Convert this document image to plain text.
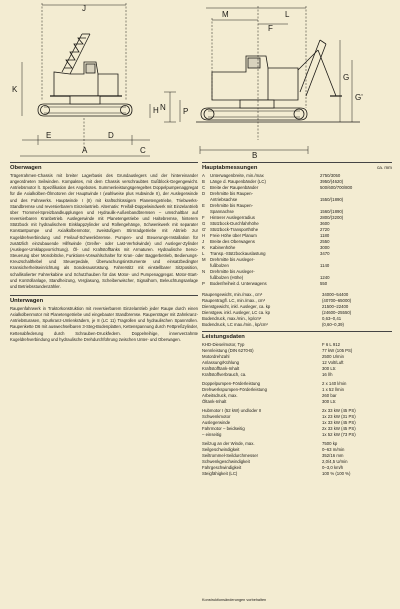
J
K
E	D
H
A	C
M	L
F
N P
G
G'
B
Oberwagen

Trägerrahmen-Chassis mit breiter Lagerbasis des Grundauslegers und der hintereinander angeordneten Seilwinden. Kompaktes, mit dem Chassis verschraubtes Gußblock-Gegengewicht. Antriebsmotor lt. Spezifikation des Angebotes. Summenleistungsgeregeltes Doppelpumpenaggregat für die Axialkolben-Ölmotoren der Hauptwinde I (wahlweise plus Hubwinde II), der Auslegerwinde und des Fahrwerks. Hauptwinde I (II) mit kraftschlüssigem Planetengetriebe, Triebwerks-Standbremse und reversierbarem Einzelantrieb. Alternativ: Freifall-Doppelwindwerk mit Einzelantrieb über Trommel-Spreizbandkupplungen und Hydraulik-Außenbandbremsen – umschaltbar auf reversierbaren Kranbetrieb. Auslegerwinde mit Planetengetriebe und Haltebremse, hinterem Stützbock mit hydraulischem Einklappzylinder und Rollengehänge, Schwenkwerk mit separater Konstantpumpe und Axialkolbenmotor, zweistufigem Stirnradgetriebe mit Abtrieb zur Kugeldrehverbindung und Freilauf-Schwenkbremse. Pumpen- und Steuerungs-Installation für zusätzlich einzubauende Hilfswinde (Greifer- oder Last-Verholwinde) und Ausleger-Zylinder (Ausleger-Umklappvorrichtung). Öl- und Kraftstofftanks mit Armaturen. Hydraulische Servo-Steuerung über Monoblöcke, Funktions-Vorwahlschalter für Kran- oder Baggerbetrieb, Bedienungs-Kreuzschalthebel und Steuerpedale, Überwachungsinstrumente und einsatzbedingter Kransicherheitseinrichtung als Sonderausrüstung. Fahrerstitz mit einstellbarer Sitzposition, schallisolierter Fahrerkabine und Schutzhauben für das Motor- und Pumpenaggregat. Motor-Start- und Kontrollanlage, Standheizung, Verglasung, Scheibenwischer, Signalhorn, Beleuchtungsanlage und Betriebsstundenzähler.

Unterwagen

Raupenfahrwerk in Traktorkonstruktion mit reversierbarem Einzelantrieb jeder Raupe durch einen Axialkolbenmotor mit Planetengetriebe und eingebauter Standbremse. Raupenträger mit Zahnkranz-Antriebsturasen, Spurkranz-Umlenkrädern, je 8 (LC 11) Tragrollen und hydraulischen Spannrollen. Raupenkette D6 mit auswechselbaren 3-Steg-Bodenplatten, Kettenspannung durch Fettpreßzylinder, Kettenabfederung durch Schrauben-Druckfedern. Doppelreihige, innenverzahnte Kugeldrehverbindung und hydraulische Drehdurchführung zwischen Unter- und Oberwagen.

Hauptabmessungen	ca. mm
A	Unterwagenbreite, min./max	2750/3050
B	Länge d. Raupenbänder (LC)	3950/(4620)
C	Breite der Raupenbänder	500/600/700/800
D	Drehmitte bis Raupen-
Antriebsachse	1550/(1890)
E	Drehmitte bis Raupen-
Spannachse	1560/(1890)
F	Hinterer Auslegerradius	2800/(3200)
G	Stützbock-Durchfahrhöhe	3600
G' Stützbock-Transporthöhe	2720
H	Freie Höhe über Planum	1180
J	Breite des Oberwagens	2550
K	Kabinenhöhe	3000
L	Transp.-Stützbockauslastung	3470
M	Drehmitte bis Ausleger-
fußbolzen	1140
N	Drehmitte bis Ausleger-
fußbolzen (Höhe)	1240
P	Bodenfreiheit d. Unterwagens	550
Raupengewicht, min./max., cm³	34000–54400
Raupentragfl. LC, min./max., cm³	(40700–65000)
Dienstgewicht, inkl. Ausleger, ca. kp	21500–22400
Dienstgew. inkl. Ausleger, LC ca. kp	(24600–25550)
Bodendruck, max./min., kp/cm²	0,63–0,41
Bodendruck, LC max./min., kp/cm²	(0,60–0,39)
Leistungsdaten
KHD-Dieselmotor, Typ	F 6 L 912
Nennleistung (DIN 6270-B)	77 kW (105 PS)
Motordrehzahl	2500 U/min
Anlassung/Kühlung	12 Volt/Luft
Kraftstofftank-Inhalt	300 Ltr.
Kraftstoffverbrauch, ca.	16 l/h
Doppelpumpen-Förderleistung	2 x 140 l/min
Drehwerkspumpen-Förderleistung	1 x 52 l/min
Arbeitsdruck, max.	260 bar
Öltank-Inhalt	300 Ltr.
Hubmotor I (52 kW) und/oder II	2x 33 kW (45 PS)
Schwenkmotor	1x 23 kW (31 PS)
Auslegerwinde	1x 33 kW (45 PS)
Fahrmotor – beidseitig	2x 33 kW (45 PS)
– einseitig	1x 52 kW (73 PS)
Seilzug an der Winde, max.	7500 kp
Seilgeschwindigkeit	0–63 m/min
Seiltrommel-Seildurchmesser	352/16 mm
Schwenkgeschwindigkeit	2,0/4,5 U/min
Fahrgeschwindigkeit	0–3,0 km/h
Steigfähigkeit (LC)	100 % (100 %)
Konstruktionsänderungen vorbehalten
